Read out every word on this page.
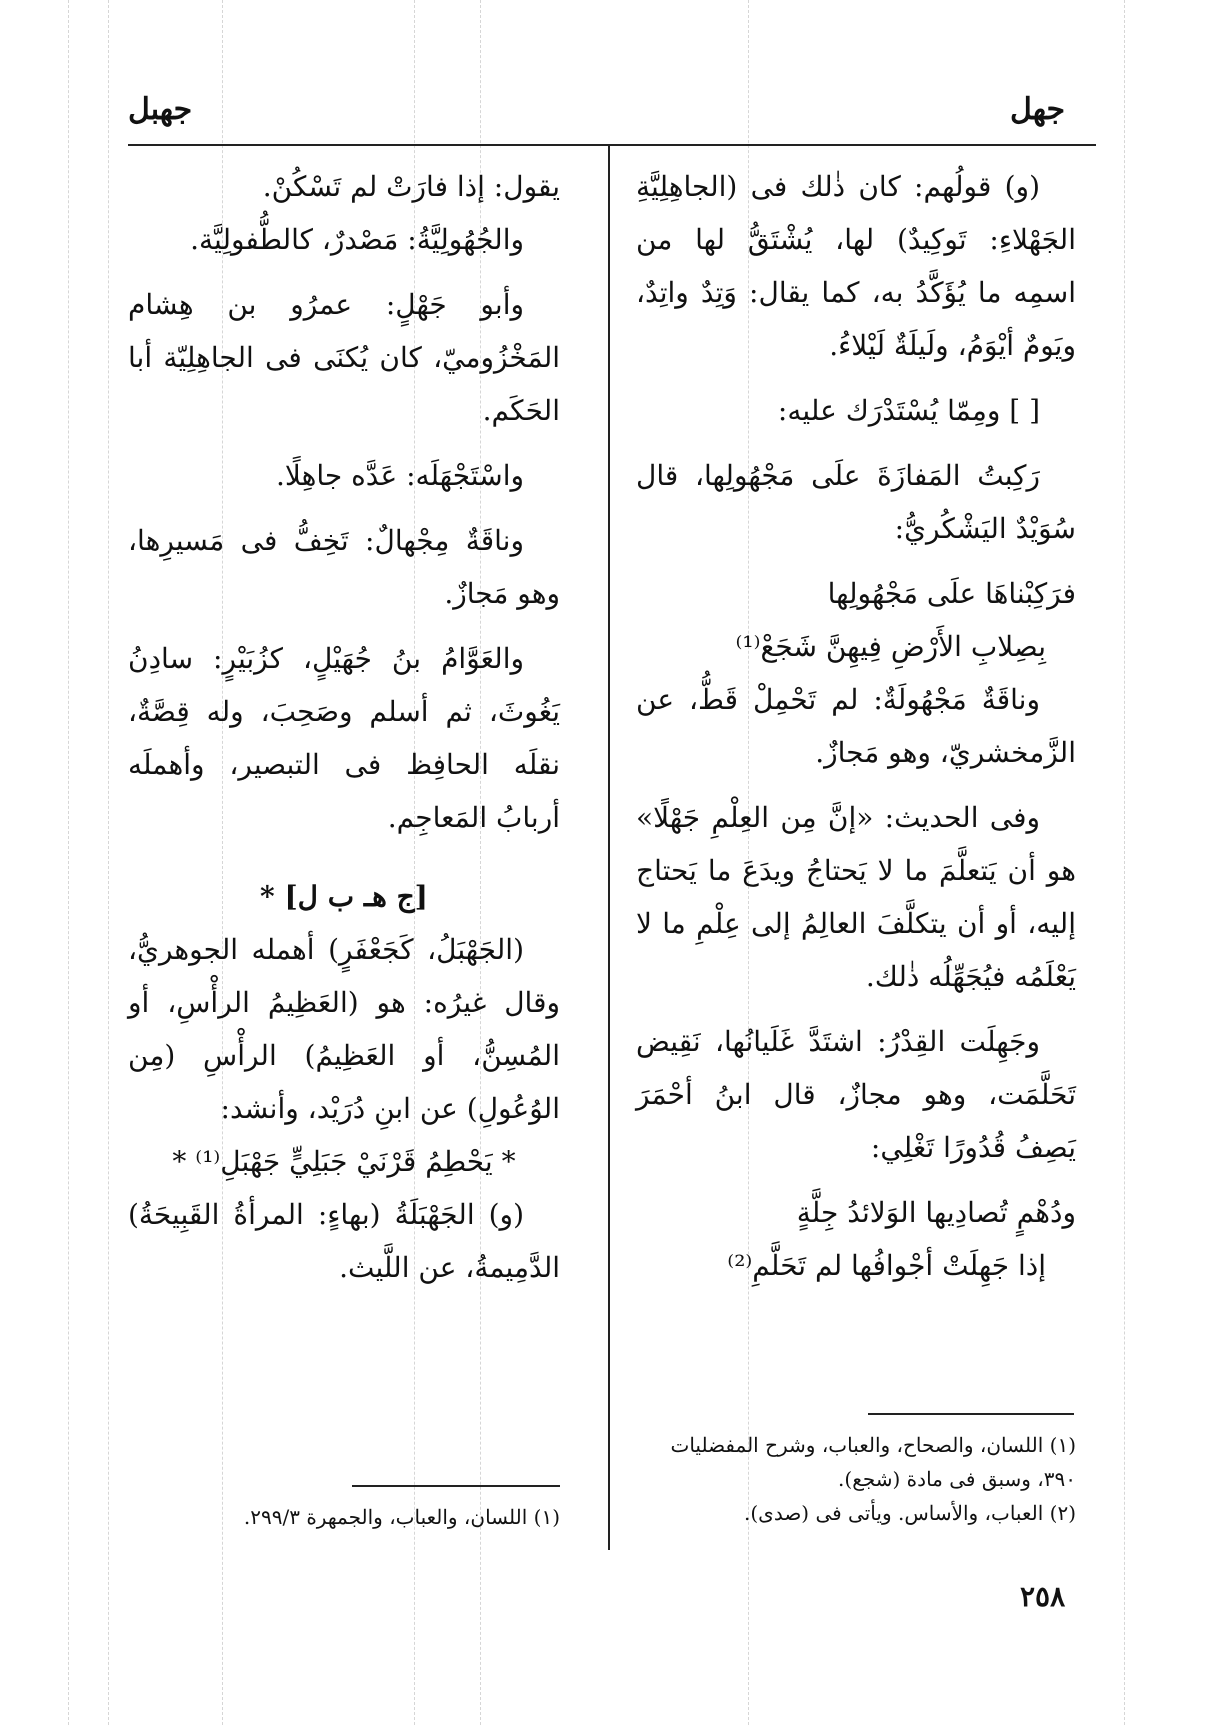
جهل
جهبل

(و) قولُهم: كان ذٰلك فى (الجاهِلِيَّةِ الجَهْلاءِ: تَوكِيدٌ) لها، يُشْتَقُّ لها من اسمِه ما يُؤَكَّدُ به، كما يقال: وَتِدٌ واتِدٌ، ويَومٌ أيْوَمُ، ولَيلَةٌ لَيْلاءُ.

[ ] ومِمّا يُسْتَدْرَك عليه:

رَكِبتُ المَفازَةَ علَى مَجْهُولِها، قال سُوَيْدٌ اليَشْكُريُّ:

فرَكِبْناهَا علَى مَجْهُولِها

بِصِلابِ الأَرْضِ فِيهِنَّ شَجَعْ⁽¹⁾

وناقَةٌ مَجْهُولَةٌ: لم تَحْمِلْ قَطُّ، عن الزَّمخشريّ، وهو مَجازٌ.

وفى الحديث: «إنَّ مِن العِلْمِ جَهْلًا» هو أن يَتعلَّمَ ما لا يَحتاجُ ويدَعَ ما يَحتاج إليه، أو أن يتكلَّفَ العالِمُ إلى عِلْمِ ما لا يَعْلَمُه فيُجَهِّلُه ذٰلك.

وجَهِلَت القِدْرُ: اشتَدَّ غَلَيانُها، نَقِيض تَحَلَّمَت، وهو مجازٌ، قال ابنُ أحْمَرَ يَصِفُ قُدُورًا تَغْلِي:

ودُهْمٍ تُصادِيها الوَلائدُ جِلَّةٍ

إذا جَهِلَتْ أجْوافُها لم تَحَلَّمِ⁽²⁾

(١) اللسان، والصحاح، والعباب، وشرح المفضليات ٣٩٠، وسبق فى مادة (شجع).

(٢) العباب، والأساس. ويأتى فى (صدى).

يقول: إذا فارَتْ لم تَسْكُنْ.

والجُهُولِيَّةُ: مَصْدرٌ، كالطُّفولِيَّة.

وأبو جَهْلٍ: عمرُو بن هِشام المَخْزُوميّ، كان يُكنَى فى الجاهِلِيّة أبا الحَكَم.

واسْتَجْهَلَه: عَدَّه جاهِلًا.

وناقَةٌ مِجْهالٌ: تَخِفُّ فى مَسيرِها، وهو مَجازٌ.

والعَوَّامُ بنُ جُهَيْلٍ، كزُبَيْرٍ: سادِنُ يَغُوثَ، ثم أسلم وصَحِبَ، وله قِصَّةٌ، نقلَه الحافِظ فى التبصير، وأهملَه أربابُ المَعاجِم.

[ج هـ ب ل] *

(الجَهْبَلُ، كَجَعْفَرٍ) أهمله الجوهريُّ، وقال غيرُه: هو (العَظِيمُ الرأْسِ، أو المُسِنُّ، أو العَظِيمُ) الرأْسِ (مِن الوُعُولِ) عن ابنِ دُرَيْد، وأنشد:

* يَحْطِمُ قَرْنَيْ جَبَلِيٍّ جَهْبَلِ⁽¹⁾ *

(و) الجَهْبَلَةُ (بهاءٍ: المرأةُ القَبِيحَةُ) الدَّمِيمةُ، عن اللَّيث.

(١) اللسان، والعباب، والجمهرة ٢٩٩/٣.

٢٥٨
